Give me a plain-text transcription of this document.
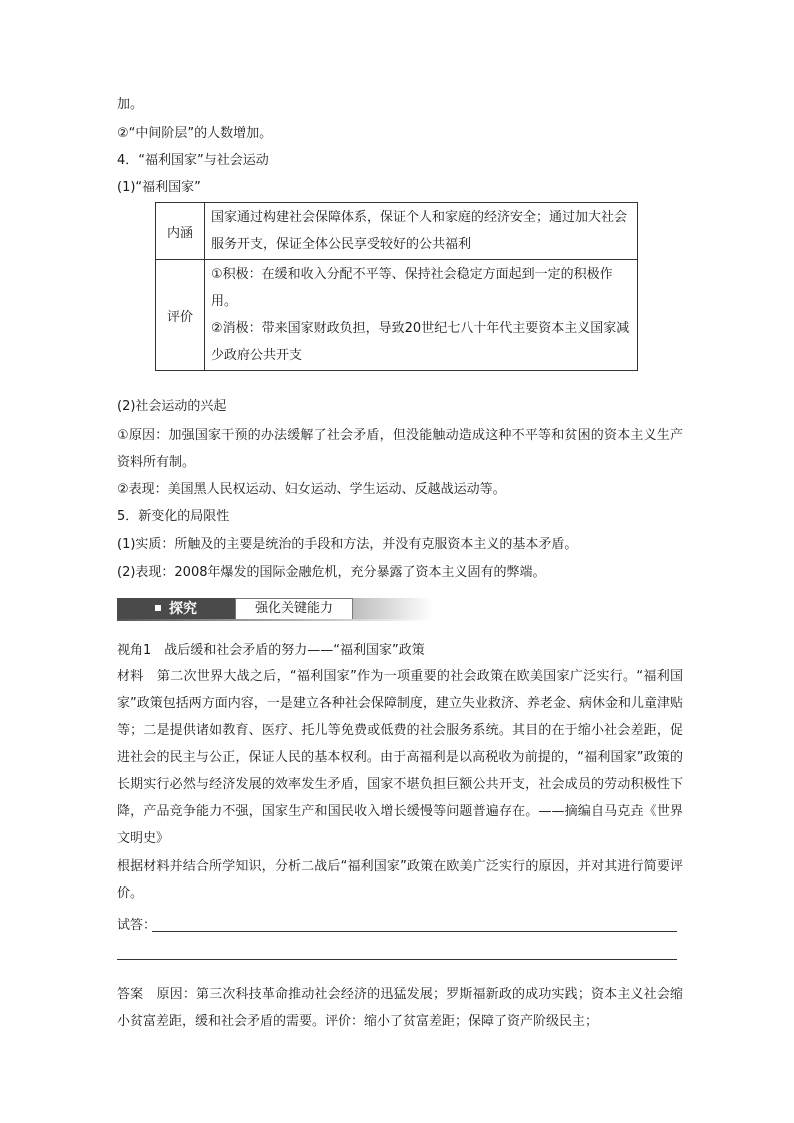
加。
②“中间阶层”的人数增加。
4．“福利国家”与社会运动
(1)“福利国家”
内涵	国家通过构建社会保障体系，保证个人和家庭的经济安全；通过加大社会服务开支，保证全体公民享受较好的公共福利
评价	①积极：在缓和收入分配不平等、保持社会稳定方面起到一定的积极作用。
②消极：带来国家财政负担，导致20世纪七八十年代主要资本主义国家减少政府公共开支
(2)社会运动的兴起
①原因：加强国家干预的办法缓解了社会矛盾，但没能触动造成这种不平等和贫困的资本主义生产资料所有制。
②表现：美国黑人民权运动、妇女运动、学生运动、反越战运动等。
5．新变化的局限性
(1)实质：所触及的主要是统治的手段和方法，并没有克服资本主义的基本矛盾。
(2)表现：2008年爆发的国际金融危机，充分暴露了资本主义固有的弊端。
探究	强化关键能力
视角1　战后缓和社会矛盾的努力——“福利国家”政策
材料　第二次世界大战之后，“福利国家”作为一项重要的社会政策在欧美国家广泛实行。“福利国家”政策包括两方面内容，一是建立各种社会保障制度，建立失业救济、养老金、病休金和儿童津贴等；二是提供诸如教育、医疗、托儿等免费或低费的社会服务系统。其目的在于缩小社会差距，促进社会的民主与公正，保证人民的基本权利。由于高福利是以高税收为前提的，“福利国家”政策的长期实行必然与经济发展的效率发生矛盾，国家不堪负担巨额公共开支，社会成员的劳动积极性下降，产品竞争能力不强，国家生产和国民收入增长缓慢等问题普遍存在。——摘编自马克垚《世界文明史》
根据材料并结合所学知识，分析二战后“福利国家”政策在欧美广泛实行的原因，并对其进行简要评价。
试答：
答案　原因：第三次科技革命推动社会经济的迅猛发展；罗斯福新政的成功实践；资本主义社会缩小贫富差距，缓和社会矛盾的需要。评价：缩小了贫富差距；保障了资产阶级民主；
